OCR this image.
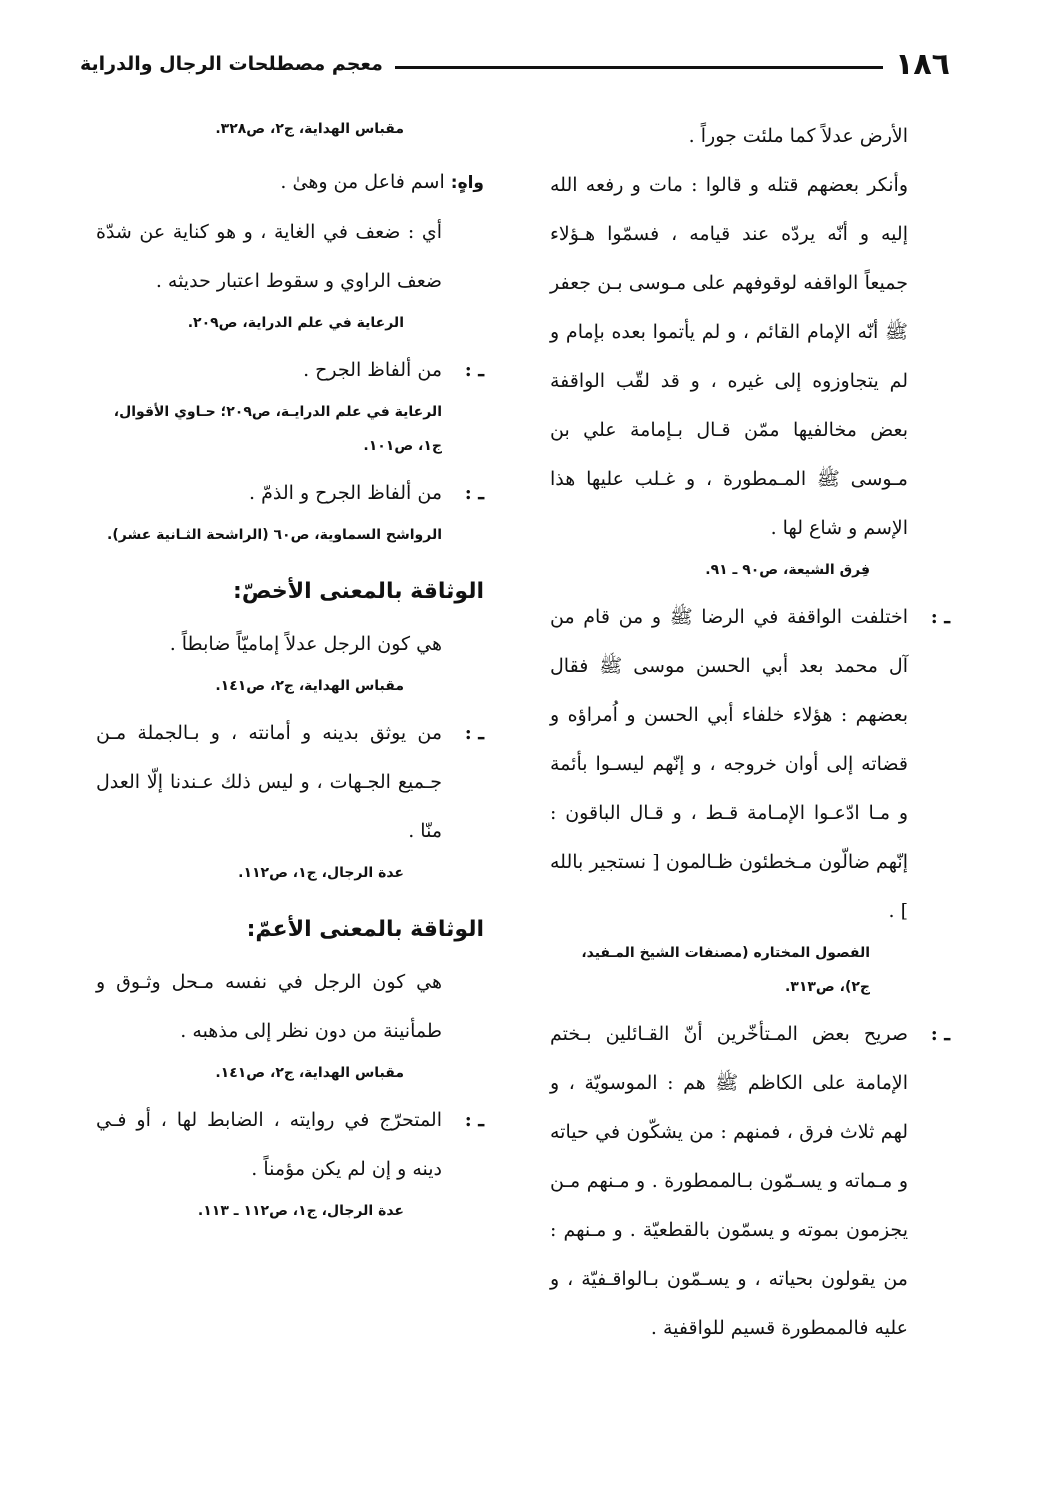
١٨٦
معجم مصطلحات الرجال والدراية

الأرض عدلاً كما ملئت جوراً .

وأنكر بعضهم قتله و قالوا : مات و رفعه الله إليه و أنّه يردّه عند قيامه ، فسمّوا هـؤلاء جميعاً الواقفه لوقوفهم على مـوسى بـن جعفر ﷺ أنّه الإمام القائم ، و لم يأتموا بعده بإمام و لم يتجاوزوه إلى غيره ، و قد لقّب الواقفة بعض مخالفيها ممّن قـال بـإمامة علي بن مـوسى ﷺ المـمطورة ، و غـلب عليها هذا الإسم و شاع لها .

فِرق الشيعة، ص٩٠ ـ ٩١.

ـ :
اختلفت الواقفة في الرضا ﷺ و من قام من آل محمد بعد أبي الحسن موسى ﷺ فقال بعضهم : هؤلاء خلفاء أبي الحسن و اُمراؤه و قضاته إلى أوان خروجه ، و إنّهم ليسـوا بأئمة و مـا ادّعـوا الإمـامة قـط ، و قـال الباقون : إنّهم ضالّون مـخطئون ظـالمون [ نستجير بالله ] .

الفصول المختاره (مصنفات الشيخ المـفيد، ج٢)، ص٣١٣.

ـ :
صريح بعض المـتأخّرين أنّ القـائلين بـختم الإمامة على الكاظم ﷺ هم : الموسويّة ، و لهم ثلاث فرق ، فمنهم : من يشكّون في حياته و مـماته و يسـمّون بـالممطورة . و مـنهم مـن يجزمون بموته و يسمّون بالقطعيّة . و مـنهم : من يقولون بحياته ، و يسـمّون بـالواقـفيّة ، و عليه فالممطورة قسيم للواقفية .

مقباس الهداية، ج٢، ص٣٢٨.

واهٍ: اسم فاعل من وهىٰ .

أي : ضعف في الغاية ، و هو كناية عن شدّة ضعف الراوي و سقوط اعتبار حديثه .

الرعاية في علم الدراية، ص٢٠٩.

ـ :
من ألفاظ الجرح .

الرعاية في علم الدرايـة، ص٢٠٩؛ حـاوي الأقوال، ج١، ص١٠١.

ـ :
من ألفاظ الجرح و الذمّ .

الرواشح السماوية، ص٦٠ (الراشحة الثـانية عشر).

الوثاقة بالمعنى الأخصّ:

هي كون الرجل عدلاً إماميّاً ضابطاً .

مقباس الهداية، ج٢، ص١٤١.

ـ :
من يوثق بدينه و أمانته ، و بـالجملة مـن جـميع الجـهات ، و ليس ذلك عـندنا إلّا العدل منّا .

عدة الرجال، ج١، ص١١٢.

الوثاقة بالمعنى الأعمّ:

هي كون الرجل في نفسه مـحل وثـوق و طمأنينة من دون نظر إلى مذهبه .

مقباس الهداية، ج٢، ص١٤١.

ـ :
المتحرّج في روايته ، الضابط لها ، أو فـي دينه و إن لم يكن مؤمناً .

عدة الرجال، ج١، ص١١٢ ـ ١١٣.
